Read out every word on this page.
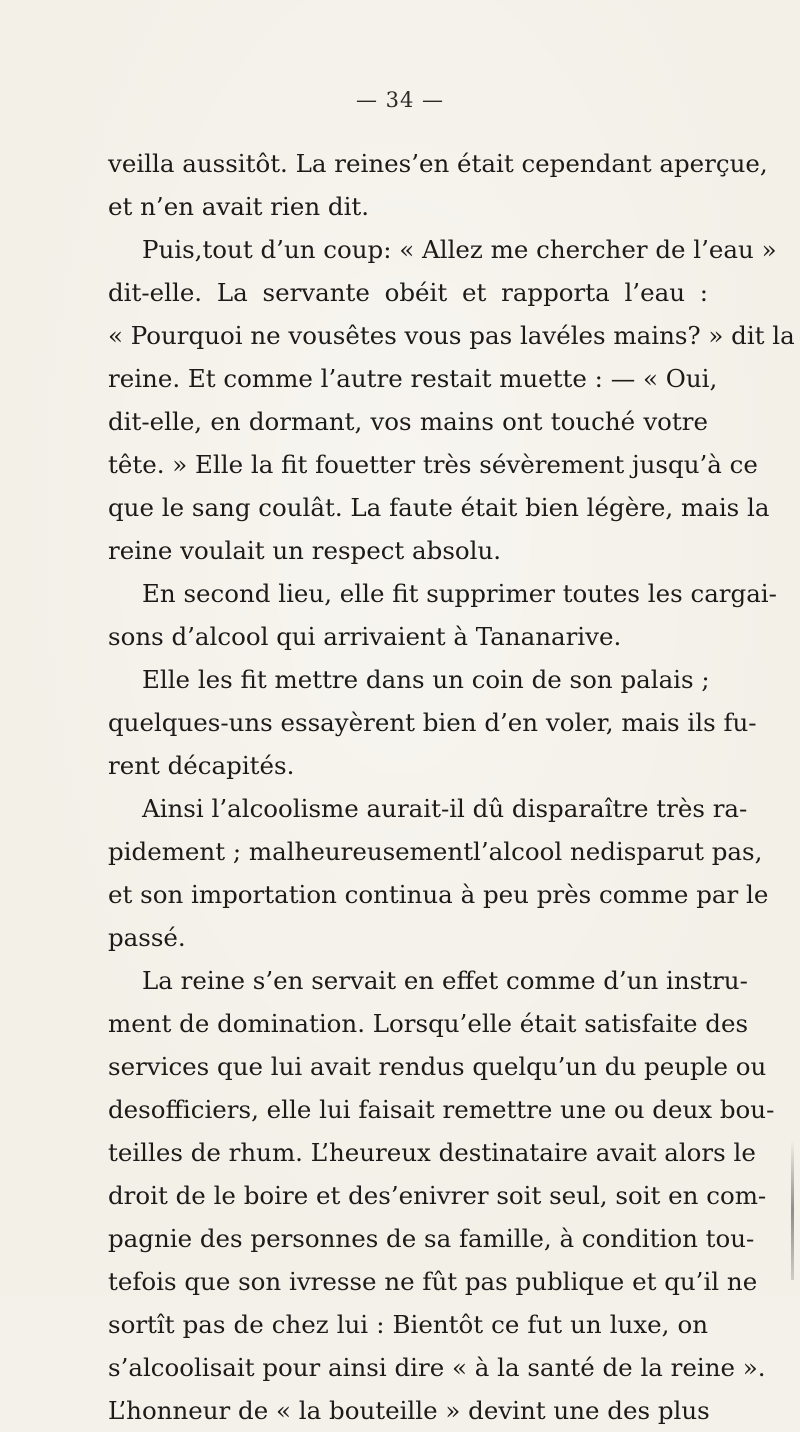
— 34 —
veilla aussitôt. La reines’en était cependant aperçue,
et n’en avait rien dit.
Puis,tout d’un coup: « Allez me chercher de l’eau »
dit-elle. La servante obéit et rapporta l’eau :
« Pourquoi ne vousêtes vous pas lavéles mains? » dit la
reine. Et comme l’autre restait muette : — « Oui,
dit-elle, en dormant, vos mains ont touché votre
tête. » Elle la fit fouetter très sévèrement jusqu’à ce
que le sang coulât. La faute était bien légère, mais la
reine voulait un respect absolu.
En second lieu, elle fit supprimer toutes les cargai-
sons d’alcool qui arrivaient à Tananarive.
Elle les fit mettre dans un coin de son palais ;
quelques-uns essayèrent bien d’en voler, mais ils fu-
rent décapités.
Ainsi l’alcoolisme aurait-il dû disparaître très ra-
pidement ; malheureusementl’alcool nedisparut pas,
et son importation continua à peu près comme par le
passé.
La reine s’en servait en effet comme d’un instru-
ment de domination. Lorsqu’elle était satisfaite des
services que lui avait rendus quelqu’un du peuple ou
desofficiers, elle lui faisait remettre une ou deux bou-
teilles de rhum. L’heureux destinataire avait alors le
droit de le boire et des’enivrer soit seul, soit en com-
pagnie des personnes de sa famille, à condition tou-
tefois que son ivresse ne fût pas publique et qu’il ne
sortît pas de chez lui : Bientôt ce fut un luxe, on
s’alcoolisait pour ainsi dire « à la santé de la reine ».
L’honneur de « la bouteille » devint une des plus
